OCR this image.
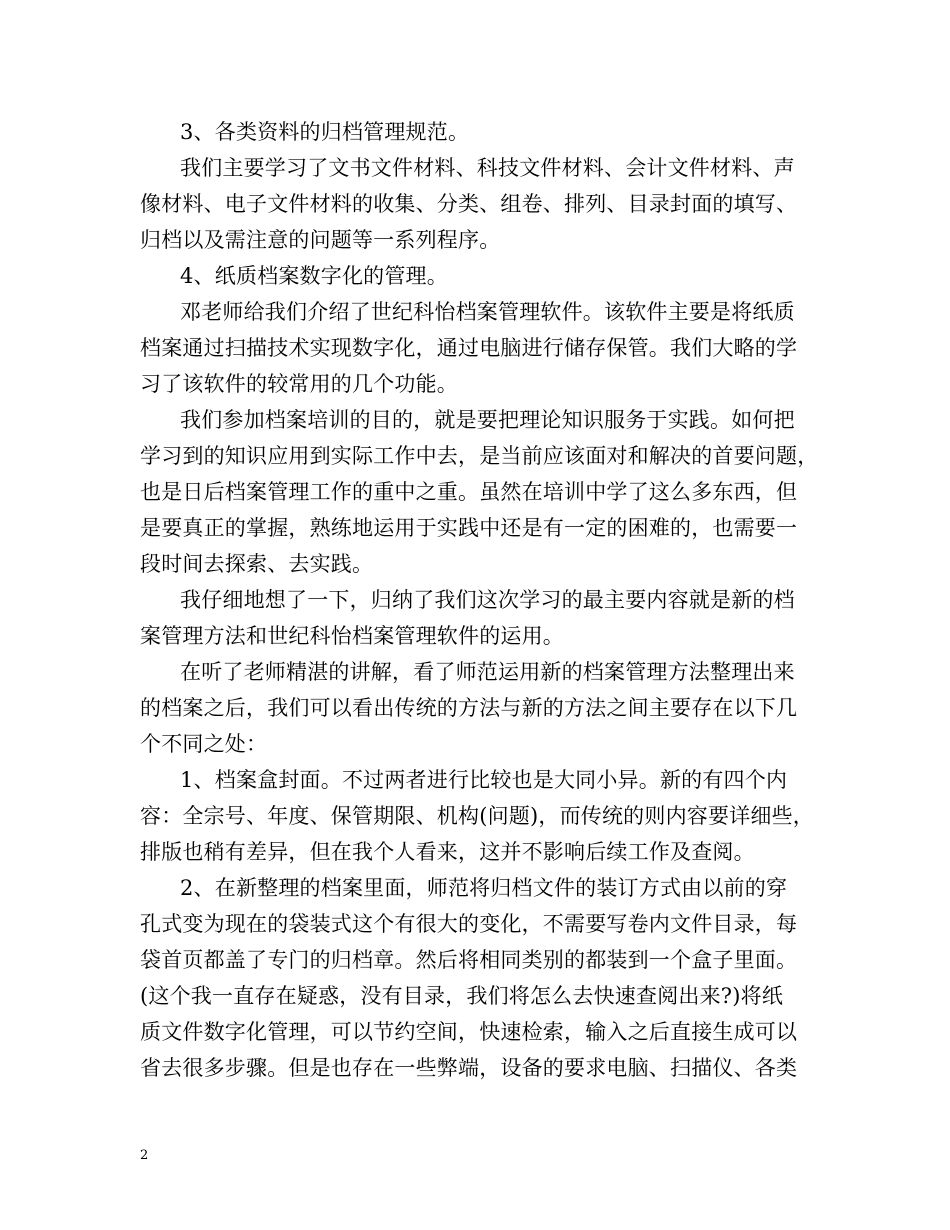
3、各类资料的归档管理规范。
我们主要学习了文书文件材料、科技文件材料、会计文件材料、声
像材料、电子文件材料的收集、分类、组卷、排列、目录封面的填写、
归档以及需注意的问题等一系列程序。
4、纸质档案数字化的管理。
邓老师给我们介绍了世纪科怡档案管理软件。该软件主要是将纸质
档案通过扫描技术实现数字化，通过电脑进行储存保管。我们大略的学
习了该软件的较常用的几个功能。
我们参加档案培训的目的，就是要把理论知识服务于实践。如何把
学习到的知识应用到实际工作中去，是当前应该面对和解决的首要问题，
也是日后档案管理工作的重中之重。虽然在培训中学了这么多东西，但
是要真正的掌握，熟练地运用于实践中还是有一定的困难的，也需要一
段时间去探索、去实践。
我仔细地想了一下，归纳了我们这次学习的最主要内容就是新的档
案管理方法和世纪科怡档案管理软件的运用。
在听了老师精湛的讲解，看了师范运用新的档案管理方法整理出来
的档案之后，我们可以看出传统的方法与新的方法之间主要存在以下几
个不同之处：
1、档案盒封面。不过两者进行比较也是大同小异。新的有四个内
容：全宗号、年度、保管期限、机构(问题)，而传统的则内容要详细些，
排版也稍有差异，但在我个人看来，这并不影响后续工作及查阅。
2、在新整理的档案里面，师范将归档文件的装订方式由以前的穿
孔式变为现在的袋装式这个有很大的变化，不需要写卷内文件目录，每
袋首页都盖了专门的归档章。然后将相同类别的都装到一个盒子里面。
(这个我一直存在疑惑，没有目录，我们将怎么去快速查阅出来?)将纸
质文件数字化管理，可以节约空间，快速检索，输入之后直接生成可以
省去很多步骤。但是也存在一些弊端，设备的要求电脑、扫描仪、各类
2
